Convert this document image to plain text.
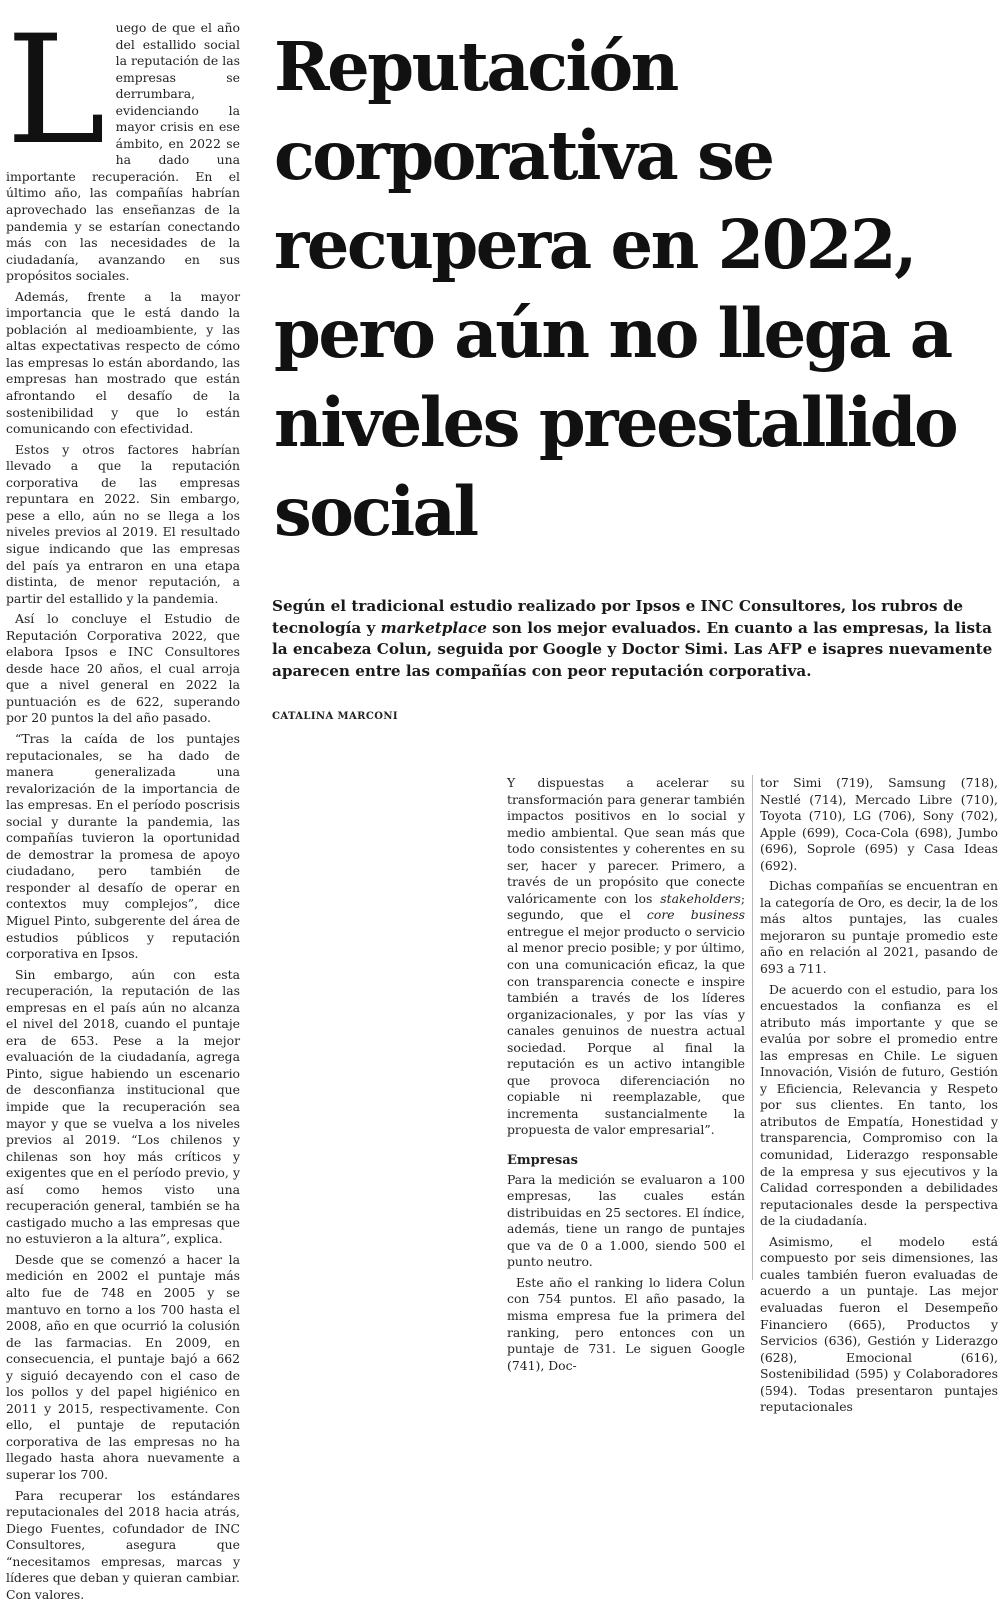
L uego de que el año del estallido social la reputación de las empresas se derrumbara, evidenciando la mayor crisis en ese ámbito, en 2022 se ha dado una importante recuperación. En el último año, las compañías habrían aprovechado las enseñanzas de la pandemia y se estarían conectando más con las necesidades de la ciudadanía, avanzando en sus propósitos sociales.

Además, frente a la mayor importancia que le está dando la población al medioambiente, y las altas expectativas respecto de cómo las empresas lo están abordando, las empresas han mostrado que están afrontando el desafío de la sostenibilidad y que lo están comunicando con efectividad.

Estos y otros factores habrían llevado a que la reputación corporativa de las empresas repuntara en 2022. Sin embargo, pese a ello, aún no se llega a los niveles previos al 2019. El resultado sigue indicando que las empresas del país ya entraron en una etapa distinta, de menor reputación, a partir del estallido y la pandemia.

Así lo concluye el Estudio de Reputación Corporativa 2022, que elabora Ipsos e INC Consultores desde hace 20 años, el cual arroja que a nivel general en 2022 la puntuación es de 622, superando por 20 puntos la del año pasado.

“Tras la caída de los puntajes reputacionales, se ha dado de manera generalizada una revalorización de la importancia de las empresas. En el período poscrisis social y durante la pandemia, las compañías tuvieron la oportunidad de demostrar la promesa de apoyo ciudadano, pero también de responder al desafío de operar en contextos muy complejos”, dice Miguel Pinto, subgerente del área de estudios públicos y reputación corporativa en Ipsos.

Sin embargo, aún con esta recuperación, la reputación de las empresas en el país aún no alcanza el nivel del 2018, cuando el puntaje era de 653. Pese a la mejor evaluación de la ciudadanía, agrega Pinto, sigue habiendo un escenario de desconfianza institucional que impide que la recuperación sea mayor y que se vuelva a los niveles previos al 2019. “Los chilenos y chilenas son hoy más críticos y exigentes que en el período previo, y así como hemos visto una recuperación general, también se ha castigado mucho a las empresas que no estuvieron a la altura”, explica.

Desde que se comenzó a hacer la medición en 2002 el puntaje más alto fue de 748 en 2005 y se mantuvo en torno a los 700 hasta el 2008, año en que ocurrió la colusión de las farmacias. En 2009, en consecuencia, el puntaje bajó a 662 y siguió decayendo con el caso de los pollos y del papel higiénico en 2011 y 2015, respectivamente. Con ello, el puntaje de reputación corporativa de las empresas no ha llegado hasta ahora nuevamente a superar los 700.

Para recuperar los estándares reputacionales del 2018 hacia atrás, Diego Fuentes, cofundador de INC Consultores, asegura que “necesitamos empresas, marcas y líderes que deban y quieran cambiar. Con valores.

Reputación corporativa se recupera en 2022, pero aún no llega a niveles preestallido social

Según el tradicional estudio realizado por Ipsos e INC Consultores, los rubros de tecnología y marketplace son los mejor evaluados. En cuanto a las empresas, la lista la encabeza Colun, seguida por Google y Doctor Simi. Las AFP e isapres nuevamente aparecen entre las compañías con peor reputación corporativa.

CATALINA MARCONI

Y dispuestas a acelerar su transformación para generar también impactos positivos en lo social y medio ambiental. Que sean más que todo consistentes y coherentes en su ser, hacer y parecer. Primero, a través de un propósito que conecte valóricamente con los stakeholders; segundo, que el core business entregue el mejor producto o servicio al menor precio posible; y por último, con una comunicación eficaz, la que con transparencia conecte e inspire también a través de los líderes organizacionales, y por las vías y canales genuinos de nuestra actual sociedad. Porque al final la reputación es un activo intangible que provoca diferenciación no copiable ni reemplazable, que incrementa sustancialmente la propuesta de valor empresarial”.

Empresas

Para la medición se evaluaron a 100 empresas, las cuales están distribuidas en 25 sectores. El índice, además, tiene un rango de puntajes que va de 0 a 1.000, siendo 500 el punto neutro.

Este año el ranking lo lidera Colun con 754 puntos. El año pasado, la misma empresa fue la primera del ranking, pero entonces con un puntaje de 731. Le siguen Google (741), Doc-

tor Simi (719), Samsung (718), Nestlé (714), Mercado Libre (710), Toyota (710), LG (706), Sony (702), Apple (699), Coca-Cola (698), Jumbo (696), Soprole (695) y Casa Ideas (692).

Dichas compañías se encuentran en la categoría de Oro, es decir, la de los más altos puntajes, las cuales mejoraron su puntaje promedio este año en relación al 2021, pasando de 693 a 711.

De acuerdo con el estudio, para los encuestados la confianza es el atributo más importante y que se evalúa por sobre el promedio entre las empresas en Chile. Le siguen Innovación, Visión de futuro, Gestión y Eficiencia, Relevancia y Respeto por sus clientes. En tanto, los atributos de Empatía, Honestidad y transparencia, Compromiso con la comunidad, Liderazgo responsable de la empresa y sus ejecutivos y la Calidad corresponden a debilidades reputacionales desde la perspectiva de la ciudadanía.

Asimismo, el modelo está compuesto por seis dimensiones, las cuales también fueron evaluadas de acuerdo a un puntaje. Las mejor evaluadas fueron el Desempeño Financiero (665), Productos y Servicios (636), Gestión y Liderazgo (628), Emocional (616), Sostenibilidad (595) y Colaboradores (594). Todas presentaron puntajes reputacionales
